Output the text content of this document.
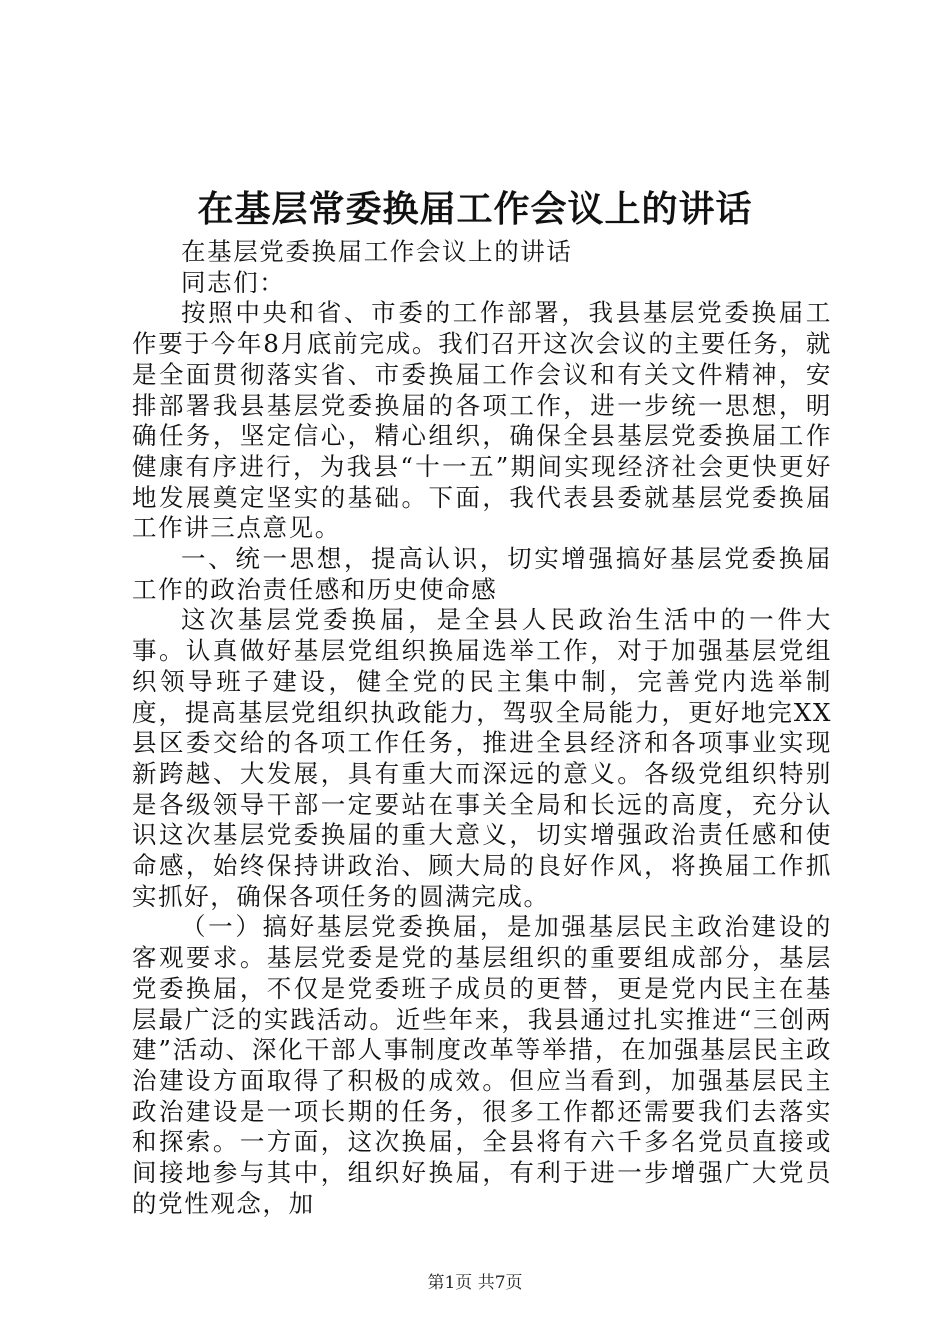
在基层常委换届工作会议上的讲话

在基层党委换届工作会议上的讲话

同志们：

按照中央和省、市委的工作部署，我县基层党委换届工作要于今年8月底前完成。我们召开这次会议的主要任务，就是全面贯彻落实省、市委换届工作会议和有关文件精神，安排部署我县基层党委换届的各项工作，进一步统一思想，明确任务，坚定信心，精心组织，确保全县基层党委换届工作健康有序进行，为我县“十一五”期间实现经济社会更快更好地发展奠定坚实的基础。下面，我代表县委就基层党委换届工作讲三点意见。

一、统一思想，提高认识，切实增强搞好基层党委换届工作的政治责任感和历史使命感

这次基层党委换届，是全县人民政治生活中的一件大事。认真做好基层党组织换届选举工作，对于加强基层党组织领导班子建设，健全党的民主集中制，完善党内选举制度，提高基层党组织执政能力，驾驭全局能力，更好地完XX县区委交给的各项工作任务，推进全县经济和各项事业实现新跨越、大发展，具有重大而深远的意义。各级党组织特别是各级领导干部一定要站在事关全局和长远的高度，充分认识这次基层党委换届的重大意义，切实增强政治责任感和使命感，始终保持讲政治、顾大局的良好作风，将换届工作抓实抓好，确保各项任务的圆满完成。

（一）搞好基层党委换届，是加强基层民主政治建设的客观要求。基层党委是党的基层组织的重要组成部分，基层党委换届，不仅是党委班子成员的更替，更是党内民主在基层最广泛的实践活动。近些年来，我县通过扎实推进“三创两建”活动、深化干部人事制度改革等举措，在加强基层民主政治建设方面取得了积极的成效。但应当看到，加强基层民主政治建设是一项长期的任务，很多工作都还需要我们去落实和探索。一方面，这次换届，全县将有六千多名党员直接或间接地参与其中，组织好换届，有利于进一步增强广大党员的党性观念，加

第1页 共7页
